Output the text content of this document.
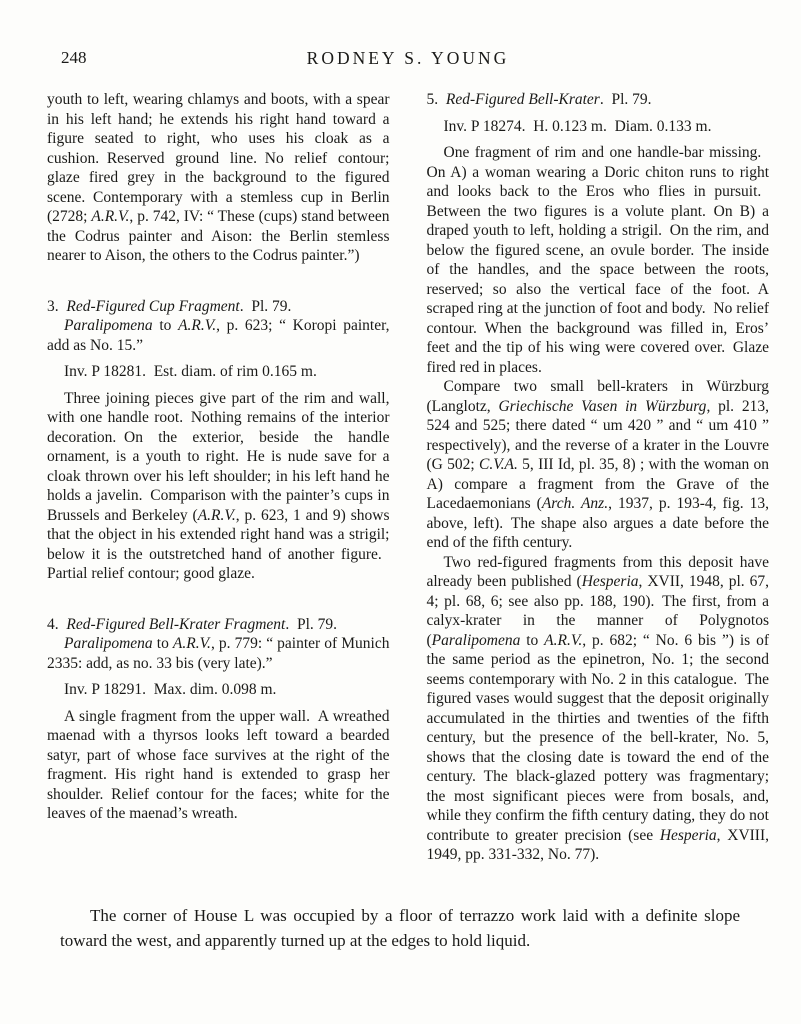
248	RODNEY S. YOUNG

youth to left, wearing chlamys and boots, with a spear in his left hand; he extends his right hand toward a figure seated to right, who uses his cloak as a cushion. Reserved ground line. No relief contour; glaze fired grey in the background to the figured scene. Contemporary with a stemless cup in Berlin (2728; A.R.V., p. 742, IV: “ These (cups) stand between the Codrus painter and Aison: the Berlin stemless nearer to Aison, the others to the Codrus painter.”)

3. Red-Figured Cup Fragment. Pl. 79.

Paralipomena to A.R.V., p. 623; “ Koropi painter, add as No. 15.”

Inv. P 18281. Est. diam. of rim 0.165 m.

Three joining pieces give part of the rim and wall, with one handle root. Nothing remains of the interior decoration. On the exterior, beside the handle ornament, is a youth to right. He is nude save for a cloak thrown over his left shoulder; in his left hand he holds a javelin. Comparison with the painter’s cups in Brussels and Berkeley (A.R.V., p. 623, 1 and 9) shows that the object in his extended right hand was a strigil; below it is the outstretched hand of another figure. Partial relief contour; good glaze.

4. Red-Figured Bell-Krater Fragment. Pl. 79.

Paralipomena to A.R.V., p. 779: “ painter of Munich 2335: add, as no. 33 bis (very late).”

Inv. P 18291. Max. dim. 0.098 m.

A single fragment from the upper wall. A wreathed maenad with a thyrsos looks left toward a bearded satyr, part of whose face survives at the right of the fragment. His right hand is extended to grasp her shoulder. Relief contour for the faces; white for the leaves of the maenad’s wreath.

5. Red-Figured Bell-Krater. Pl. 79.

Inv. P 18274. H. 0.123 m. Diam. 0.133 m.

One fragment of rim and one handle-bar missing. On A) a woman wearing a Doric chiton runs to right and looks back to the Eros who flies in pursuit. Between the two figures is a volute plant. On B) a draped youth to left, holding a strigil. On the rim, and below the figured scene, an ovule border. The inside of the handles, and the space between the roots, reserved; so also the vertical face of the foot. A scraped ring at the junction of foot and body. No relief contour. When the background was filled in, Eros’ feet and the tip of his wing were covered over. Glaze fired red in places.

Compare two small bell-kraters in Würzburg (Langlotz, Griechische Vasen in Würzburg, pl. 213, 524 and 525; there dated “ um 420 ” and “ um 410 ” respectively), and the reverse of a krater in the Louvre (G 502; C.V.A. 5, III Id, pl. 35, 8) ; with the woman on A) compare a fragment from the Grave of the Lacedaemonians (Arch. Anz., 1937, p. 193-4, fig. 13, above, left). The shape also argues a date before the end of the fifth century.

Two red-figured fragments from this deposit have already been published (Hesperia, XVII, 1948, pl. 67, 4; pl. 68, 6; see also pp. 188, 190). The first, from a calyx-krater in the manner of Polygnotos (Paralipomena to A.R.V., p. 682; “ No. 6 bis ”) is of the same period as the epinetron, No. 1; the second seems contemporary with No. 2 in this catalogue. The figured vases would suggest that the deposit originally accumulated in the thirties and twenties of the fifth century, but the presence of the bell-krater, No. 5, shows that the closing date is toward the end of the century. The black-glazed pottery was fragmentary; the most significant pieces were from bosals, and, while they confirm the fifth century dating, they do not contribute to greater precision (see Hesperia, XVIII, 1949, pp. 331-332, No. 77).

The corner of House L was occupied by a floor of terrazzo work laid with a definite slope toward the west, and apparently turned up at the edges to hold liquid.
